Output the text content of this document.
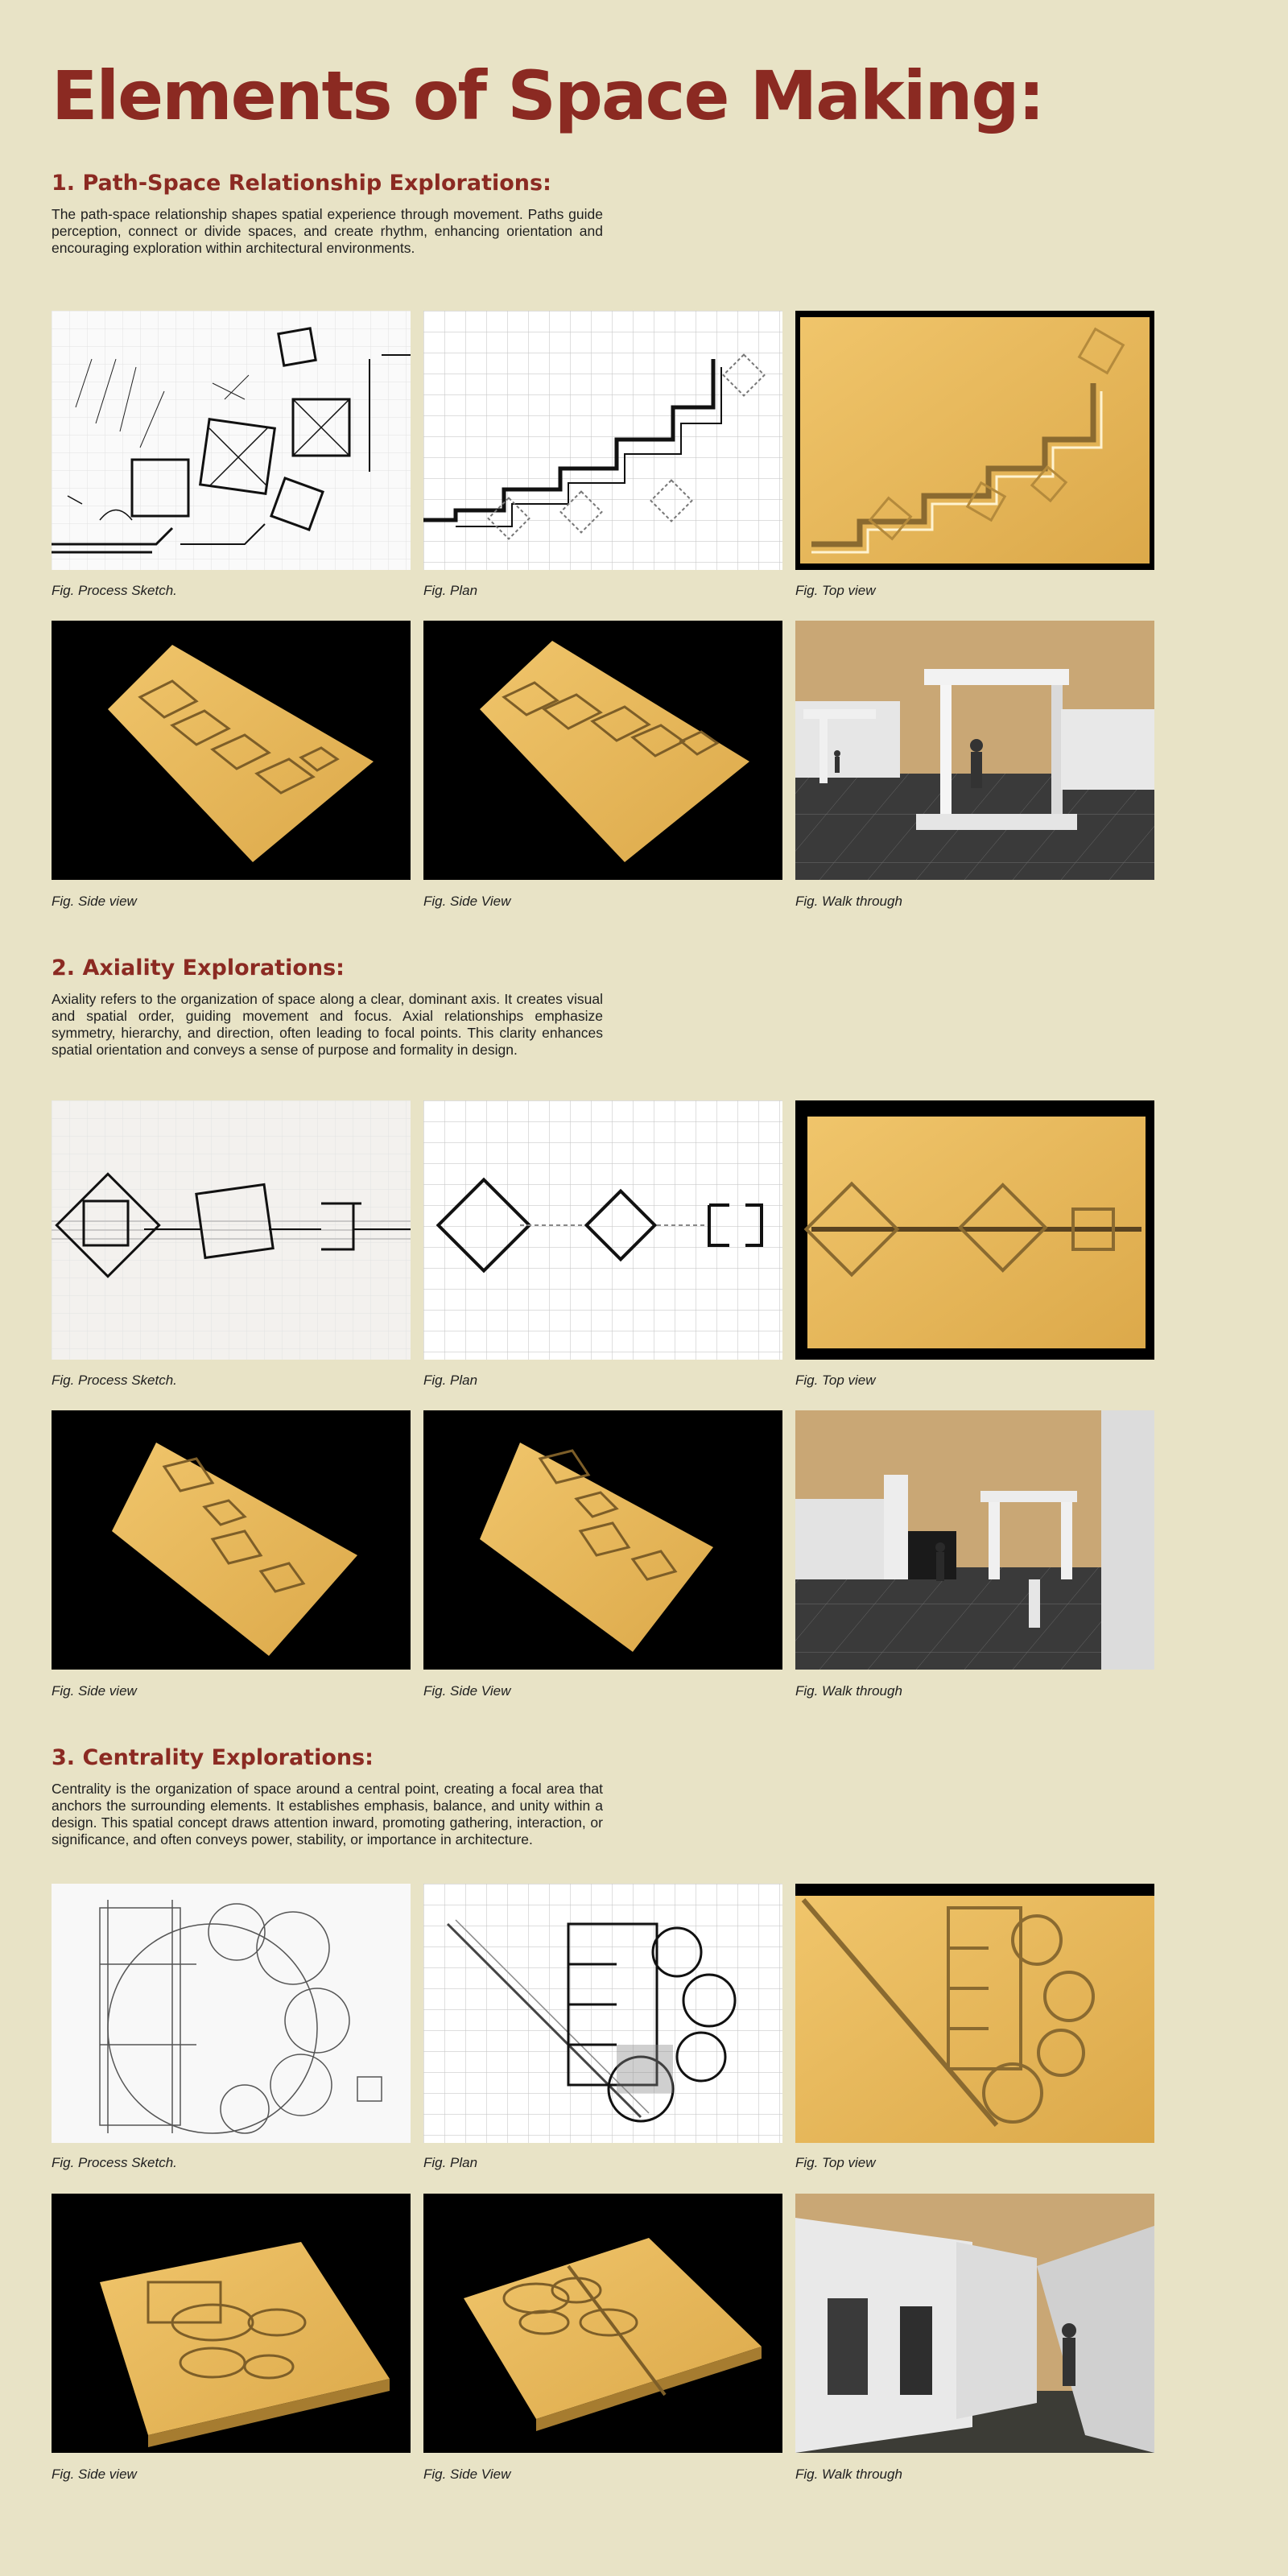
Elements of Space Making:
1. Path-Space Relationship Explorations:

The path-space relationship shapes spatial experience through movement. Paths guide perception, connect or divide spaces, and create rhythm, enhancing orientation and encouraging exploration within architectural environments.

Fig. Process Sketch.	Fig. Plan	Fig. Top view
Fig. Side view	Fig. Side View	Fig. Walk through
2. Axiality Explorations:

Axiality refers to the organization of space along a clear, dominant axis. It creates visual and spatial order, guiding movement and focus. Axial relationships emphasize symmetry, hierarchy, and direction, often leading to focal points. This clarity enhances spatial orientation and conveys a sense of purpose and formality in design.

Fig. Process Sketch.	Fig. Plan	Fig. Top view
Fig. Side view	Fig. Side View	Fig. Walk through
3. Centrality Explorations:

Centrality is the organization of space around a central point, creating a focal area that anchors the surrounding elements. It establishes emphasis, balance, and unity within a design. This spatial concept draws attention inward, promoting gathering, interaction, or significance, and often conveys power, stability, or importance in architecture.

Fig. Process Sketch.	Fig. Plan	Fig. Top view
Fig. Side view	Fig. Side View	Fig. Walk through
